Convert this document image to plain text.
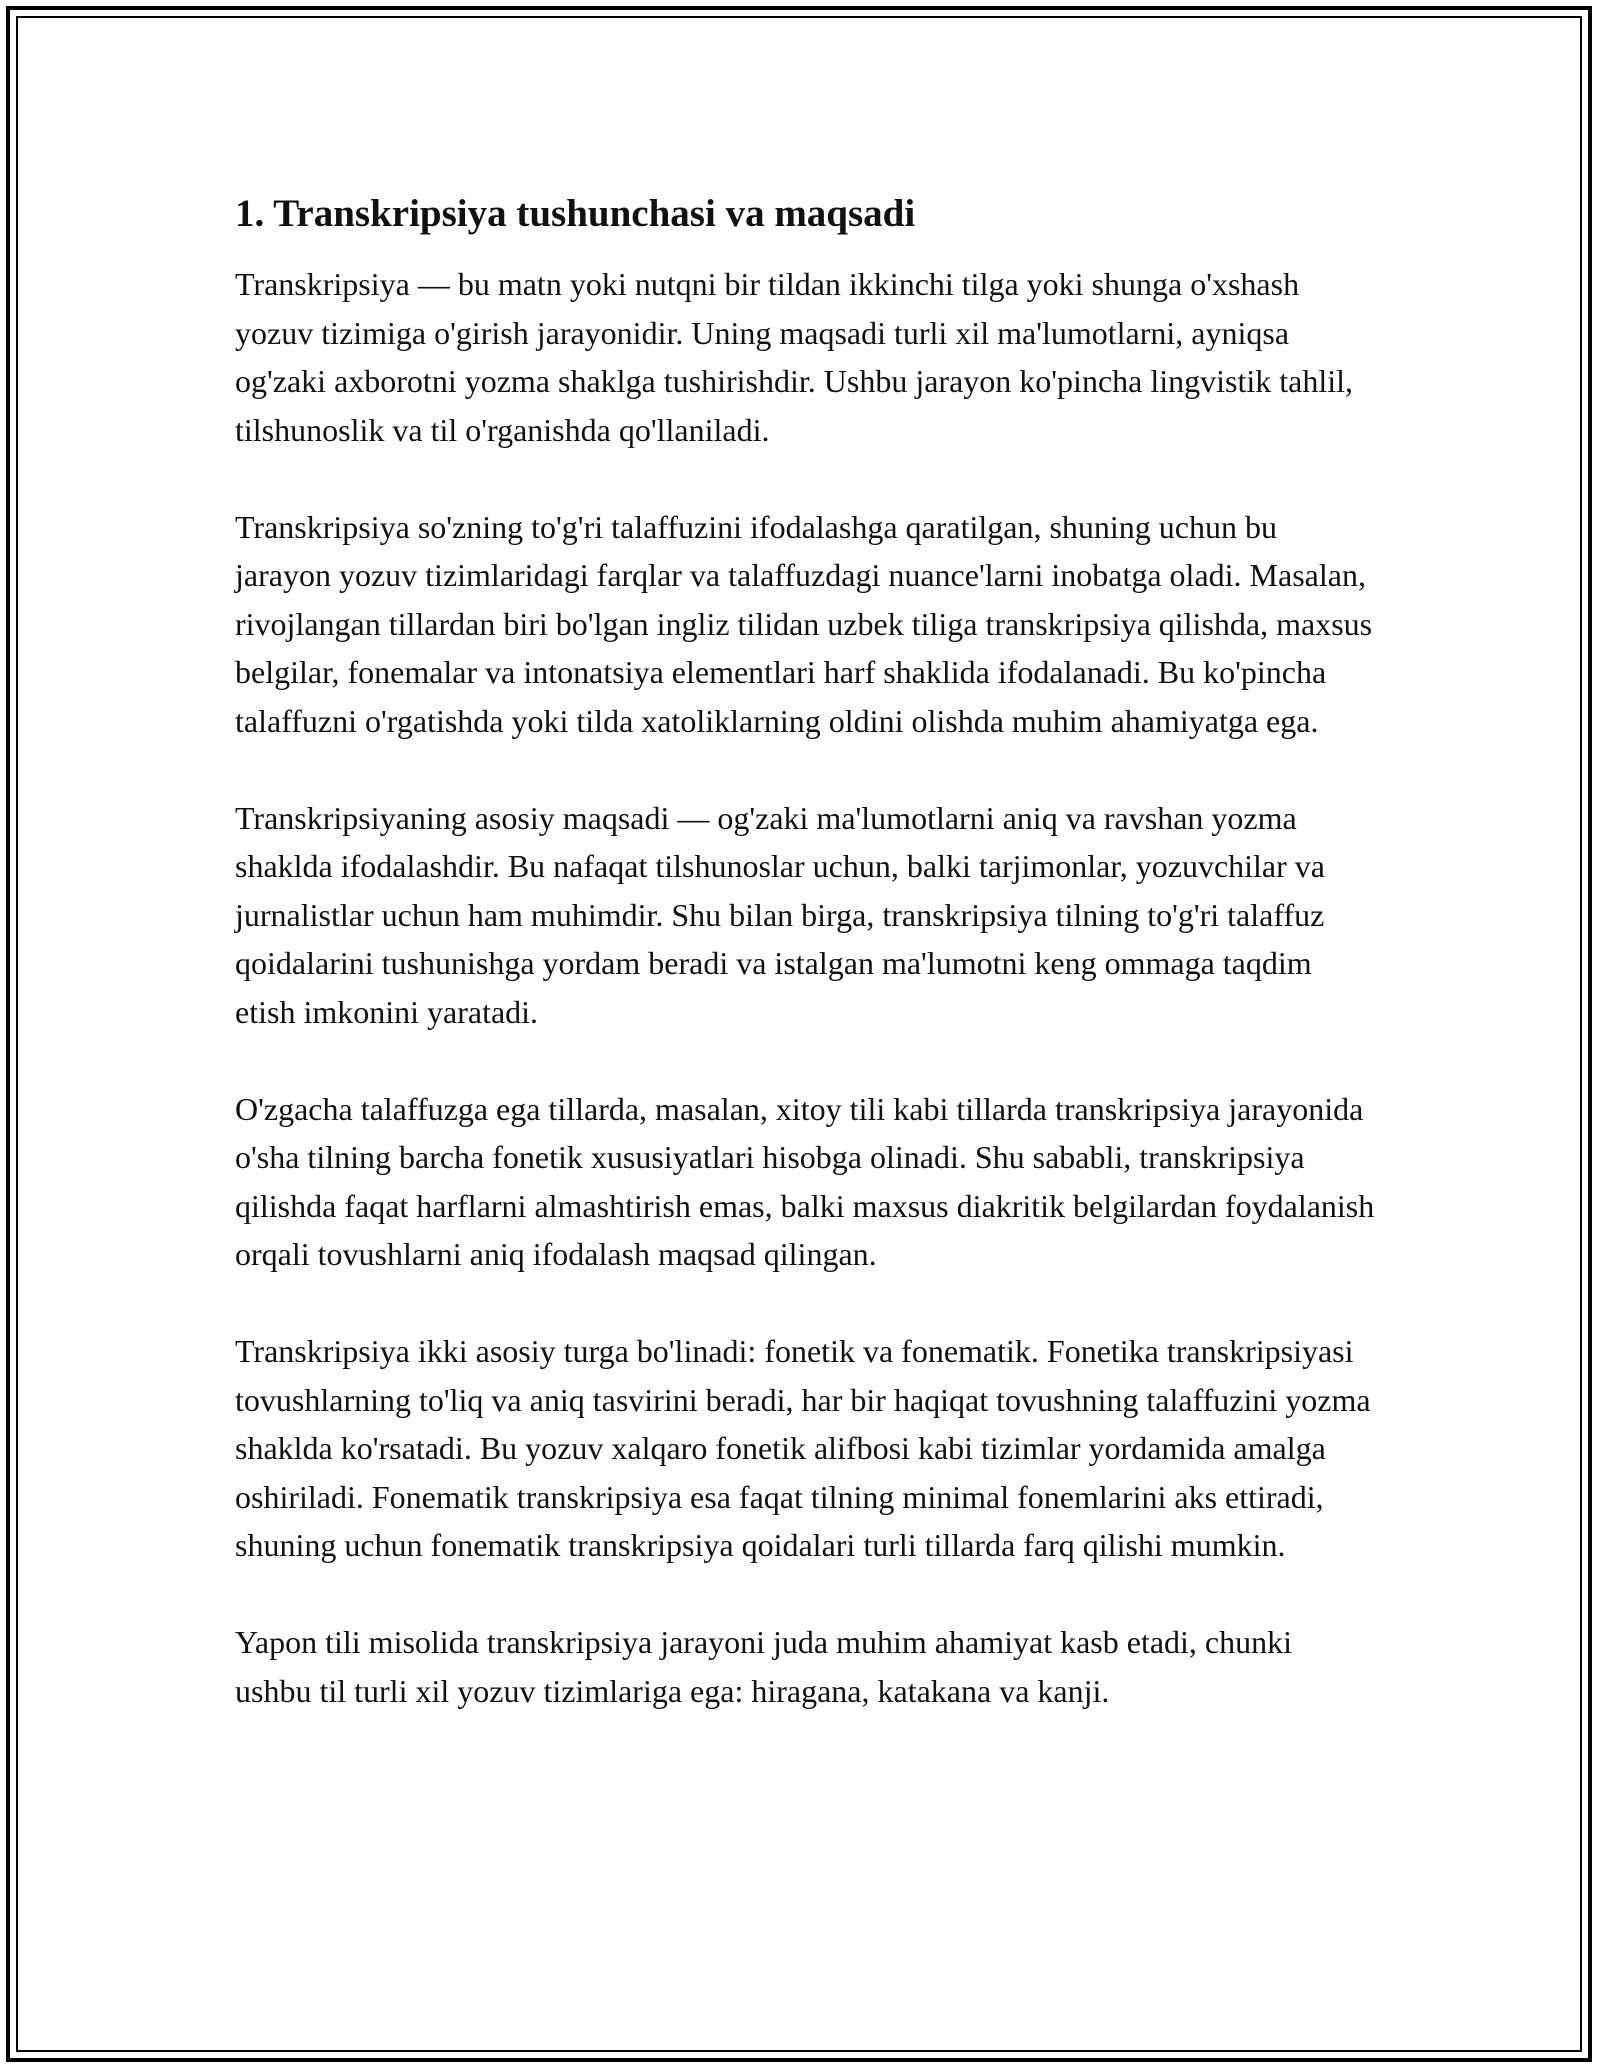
1. Transkripsiya tushunchasi va maqsadi

Transkripsiya — bu matn yoki nutqni bir tildan ikkinchi tilga yoki shunga o'xshash yozuv tizimiga o'girish jarayonidir. Uning maqsadi turli xil ma'lumotlarni, ayniqsa og'zaki axborotni yozma shaklga tushirishdir. Ushbu jarayon ko'pincha lingvistik tahlil, tilshunoslik va til o'rganishda qo'llaniladi.

Transkripsiya so'zning to'g'ri talaffuzini ifodalashga qaratilgan, shuning uchun bu jarayon yozuv tizimlaridagi farqlar va talaffuzdagi nuance'larni inobatga oladi. Masalan, rivojlangan tillardan biri bo'lgan ingliz tilidan uzbek tiliga transkripsiya qilishda, maxsus belgilar, fonemalar va intonatsiya elementlari harf shaklida ifodalanadi. Bu ko'pincha talaffuzni o'rgatishda yoki tilda xatoliklarning oldini olishda muhim ahamiyatga ega.

Transkripsiyaning asosiy maqsadi — og'zaki ma'lumotlarni aniq va ravshan yozma shaklda ifodalashdir. Bu nafaqat tilshunoslar uchun, balki tarjimonlar, yozuvchilar va jurnalistlar uchun ham muhimdir. Shu bilan birga, transkripsiya tilning to'g'ri talaffuz qoidalarini tushunishga yordam beradi va istalgan ma'lumotni keng ommaga taqdim etish imkonini yaratadi.

O'zgacha talaffuzga ega tillarda, masalan, xitoy tili kabi tillarda transkripsiya jarayonida o'sha tilning barcha fonetik xususiyatlari hisobga olinadi. Shu sababli, transkripsiya qilishda faqat harflarni almashtirish emas, balki maxsus diakritik belgilardan foydalanish orqali tovushlarni aniq ifodalash maqsad qilingan.

Transkripsiya ikki asosiy turga bo'linadi: fonetik va fonematik. Fonetika transkripsiyasi tovushlarning to'liq va aniq tasvirini beradi, har bir haqiqat tovushning talaffuzini yozma shaklda ko'rsatadi. Bu yozuv xalqaro fonetik alifbosi kabi tizimlar yordamida amalga oshiriladi. Fonematik transkripsiya esa faqat tilning minimal fonemlarini aks ettiradi, shuning uchun fonematik transkripsiya qoidalari turli tillarda farq qilishi mumkin.

Yapon tili misolida transkripsiya jarayoni juda muhim ahamiyat kasb etadi, chunki ushbu til turli xil yozuv tizimlariga ega: hiragana, katakana va kanji.
